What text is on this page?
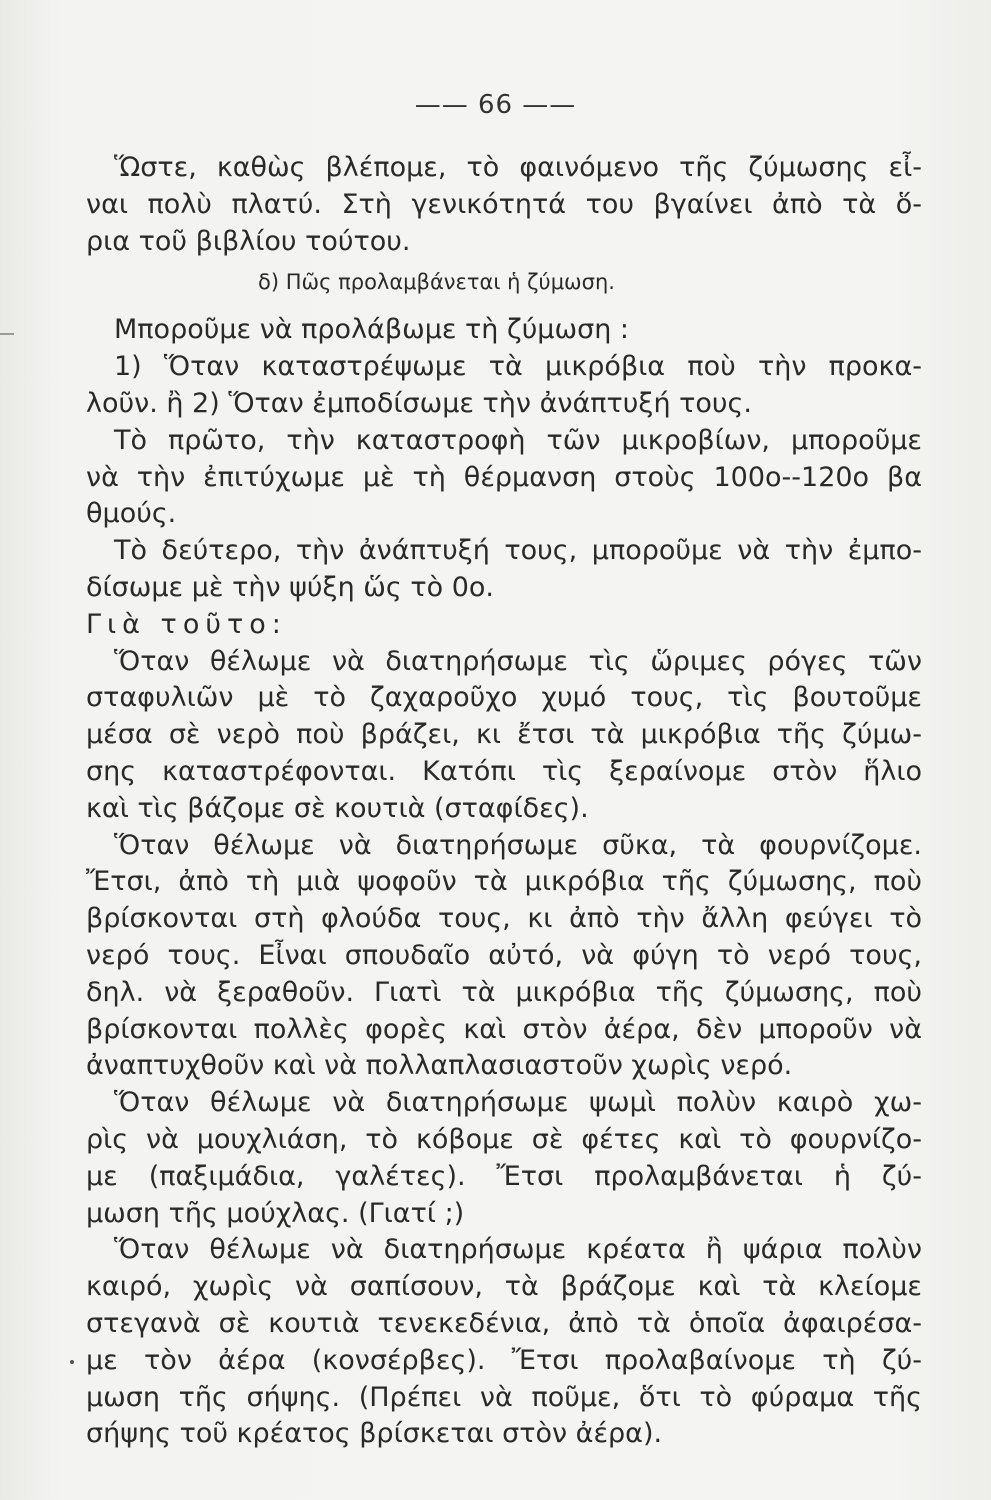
—— 66 ——
Ὥστε, καθὼς βλέπομε, τὸ φαινόμενο τῆς ζύμωσης εἶ-
ναι πολὺ πλατύ. Στὴ γενικότητά του βγαίνει ἀπὸ τὰ ὅ-
ρια τοῦ βιβλίου τούτου.
δ) Πῶς προλαμβάνεται ἡ ζύμωση.
Μποροῦμε νὰ προλάβωμε τὴ ζύμωση :
1) Ὅταν καταστρέψωμε τὰ μικρόβια ποὺ τὴν προκα-
λοῦν. ἢ 2) Ὅταν ἐμποδίσωμε τὴν ἀνάπτυξή τους.
Τὸ πρῶτο, τὴν καταστροφὴ τῶν μικροβίων, μποροῦμε
νὰ τὴν ἐπιτύχωμε μὲ τὴ θέρμανση στοὺς 100ο--120ο βα
θμούς.
Τὸ δεύτερο, τὴν ἀνάπτυξή τους, μποροῦμε νὰ τὴν ἐμπο-
δίσωμε μὲ τὴν ψύξη ὥς τὸ 0ο.
Γιὰ τοῦτο:
Ὅταν θέλωμε νὰ διατηρήσωμε τὶς ὥριμες ρόγες τῶν
σταφυλιῶν μὲ τὸ ζαχαροῦχο χυμό τους, τὶς βουτοῦμε
μέσα σὲ νερὸ ποὺ βράζει, κι ἔτσι τὰ μικρόβια τῆς ζύμω-
σης καταστρέφονται. Κατόπι τὶς ξεραίνομε στὸν ἥλιο
καὶ τὶς βάζομε σὲ κουτιὰ (σταφίδες).
Ὅταν θέλωμε νὰ διατηρήσωμε σῦκα, τὰ φουρνίζομε.
Ἔτσι, ἀπὸ τὴ μιὰ ψοφοῦν τὰ μικρόβια τῆς ζύμωσης, ποὺ
βρίσκονται στὴ φλούδα τους, κι ἀπὸ τὴν ἄλλη φεύγει τὸ
νερό τους. Εἶναι σπουδαῖο αὐτό, νὰ φύγη τὸ νερό τους,
δηλ. νὰ ξεραθοῦν. Γιατὶ τὰ μικρόβια τῆς ζύμωσης, ποὺ
βρίσκονται πολλὲς φορὲς καὶ στὸν ἀέρα, δὲν μποροῦν νὰ
ἀναπτυχθοῦν καὶ νὰ πολλαπλασιαστοῦν χωρὶς νερό.
Ὅταν θέλωμε νὰ διατηρήσωμε ψωμὶ πολὺν καιρὸ χω-
ρὶς νὰ μουχλιάση, τὸ κόβομε σὲ φέτες καὶ τὸ φουρνίζο-
με (παξιμάδια, γαλέτες). Ἔτσι προλαμβάνεται ἡ ζύ-
μωση τῆς μούχλας. (Γιατί ;)
Ὅταν θέλωμε νὰ διατηρήσωμε κρέατα ἢ ψάρια πολὺν
καιρό, χωρὶς νὰ σαπίσουν, τὰ βράζομε καὶ τὰ κλείομε
στεγανὰ σὲ κουτιὰ τενεκεδένια, ἀπὸ τὰ ὁποῖα ἀφαιρέσα-
με τὸν ἀέρα (κονσέρβες). Ἔτσι προλαβαίνομε τὴ ζύ-
μωση τῆς σήψης. (Πρέπει νὰ ποῦμε, ὅτι τὸ φύραμα τῆς
σήψης τοῦ κρέατος βρίσκεται στὸν ἀέρα).
